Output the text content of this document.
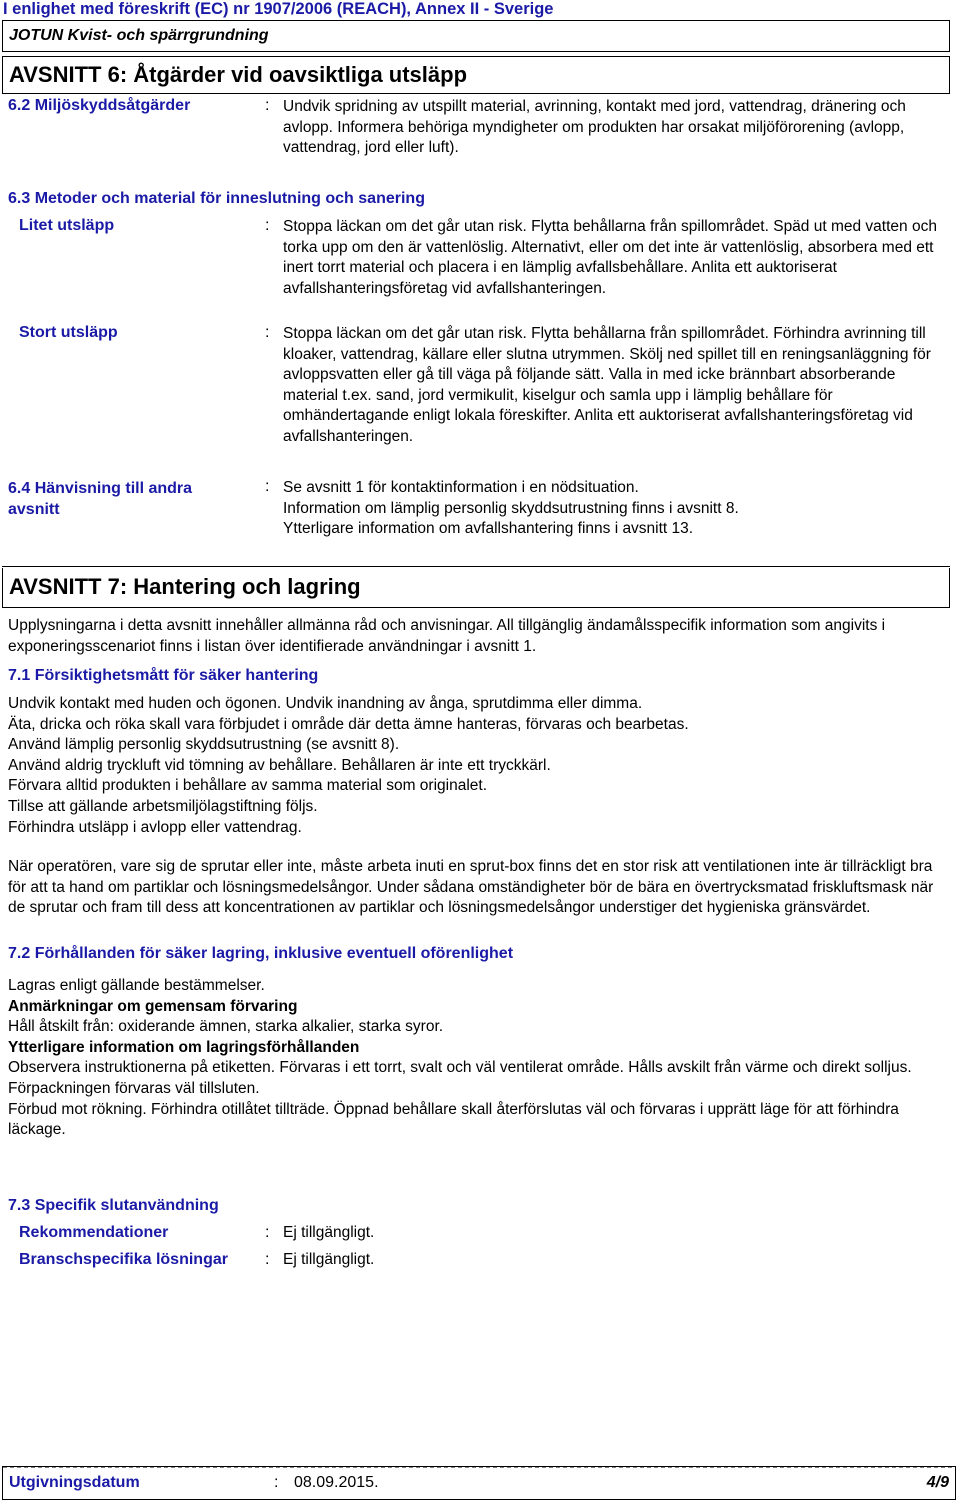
I enlighet med föreskrift (EC) nr 1907/2006 (REACH), Annex II - Sverige
JOTUN Kvist- och spärrgrundning
AVSNITT 6: Åtgärder vid oavsiktliga utsläpp
6.2 Miljöskyddsåtgärder	: Undvik spridning av utspillt material, avrinning, kontakt med jord, vattendrag, dränering och avlopp. Informera behöriga myndigheter om produkten har orsakat miljöförorening (avlopp, vattendrag, jord eller luft).
6.3 Metoder och material för inneslutning och sanering
Litet utsläpp	: Stoppa läckan om det går utan risk. Flytta behållarna från spillområdet. Späd ut med vatten och torka upp om den är vattenlöslig. Alternativt, eller om det inte är vattenlöslig, absorbera med ett inert torrt material och placera i en lämplig avfallsbehållare. Anlita ett auktoriserat avfallshanteringsföretag vid avfallshanteringen.
Stort utsläpp	: Stoppa läckan om det går utan risk. Flytta behållarna från spillområdet. Förhindra avrinning till kloaker, vattendrag, källare eller slutna utrymmen. Skölj ned spillet till en reningsanläggning för avloppsvatten eller gå till väga på följande sätt. Valla in med icke brännbart absorberande material t.ex. sand, jord vermikulit, kiselgur och samla upp i lämplig behållare för omhändertagande enligt lokala föreskifter. Anlita ett auktoriserat avfallshanteringsföretag vid avfallshanteringen.
6.4 Hänvisning till andra avsnitt
: Se avsnitt 1 för kontaktinformation i en nödsituation.
Information om lämplig personlig skyddsutrustning finns i avsnitt 8.
Ytterligare information om avfallshantering finns i avsnitt 13.
AVSNITT 7: Hantering och lagring
Upplysningarna i detta avsnitt innehåller allmänna råd och anvisningar. All tillgänglig ändamålsspecifik information som angivits i exponeringsscenariot finns i listan över identifierade användningar i avsnitt 1.
7.1 Försiktighetsmått för säker hantering
Undvik kontakt med huden och ögonen. Undvik inandning av ånga, sprutdimma eller dimma.
Äta, dricka och röka skall vara förbjudet i område där detta ämne hanteras, förvaras och bearbetas.
Använd lämplig personlig skyddsutrustning (se avsnitt 8).
Använd aldrig tryckluft vid tömning av behållare. Behållaren är inte ett tryckkärl.
Förvara alltid produkten i behållare av samma material som originalet.
Tillse att gällande arbetsmiljölagstiftning följs.
Förhindra utsläpp i avlopp eller vattendrag.
När operatören, vare sig de sprutar eller inte, måste arbeta inuti en sprut-box finns det en stor risk att ventilationen inte är tillräckligt bra för att ta hand om partiklar och lösningsmedelsångor. Under sådana omständigheter bör de bära en övertrycksmatad friskluftsmask när de sprutar och fram till dess att koncentrationen av partiklar och lösningsmedelsångor understiger det hygieniska gränsvärdet.
7.2 Förhållanden för säker lagring, inklusive eventuell oförenlighet
Lagras enligt gällande bestämmelser.
Anmärkningar om gemensam förvaring
Håll åtskilt från: oxiderande ämnen, starka alkalier, starka syror.
Ytterligare information om lagringsförhållanden
Observera instruktionerna på etiketten. Förvaras i ett torrt, svalt och väl ventilerat område. Hålls avskilt från värme och direkt solljus.
Förpackningen förvaras väl tillsluten.
Förbud mot rökning. Förhindra otillåtet tillträde. Öppnad behållare skall återförslutas väl och förvaras i upprätt läge för att förhindra läckage.
7.3 Specifik slutanvändning
Rekommendationer	: Ej tillgängligt.
Branschspecifika lösningar : Ej tillgängligt.
Utgivningsdatum	: 08.09.2015.	4/9
